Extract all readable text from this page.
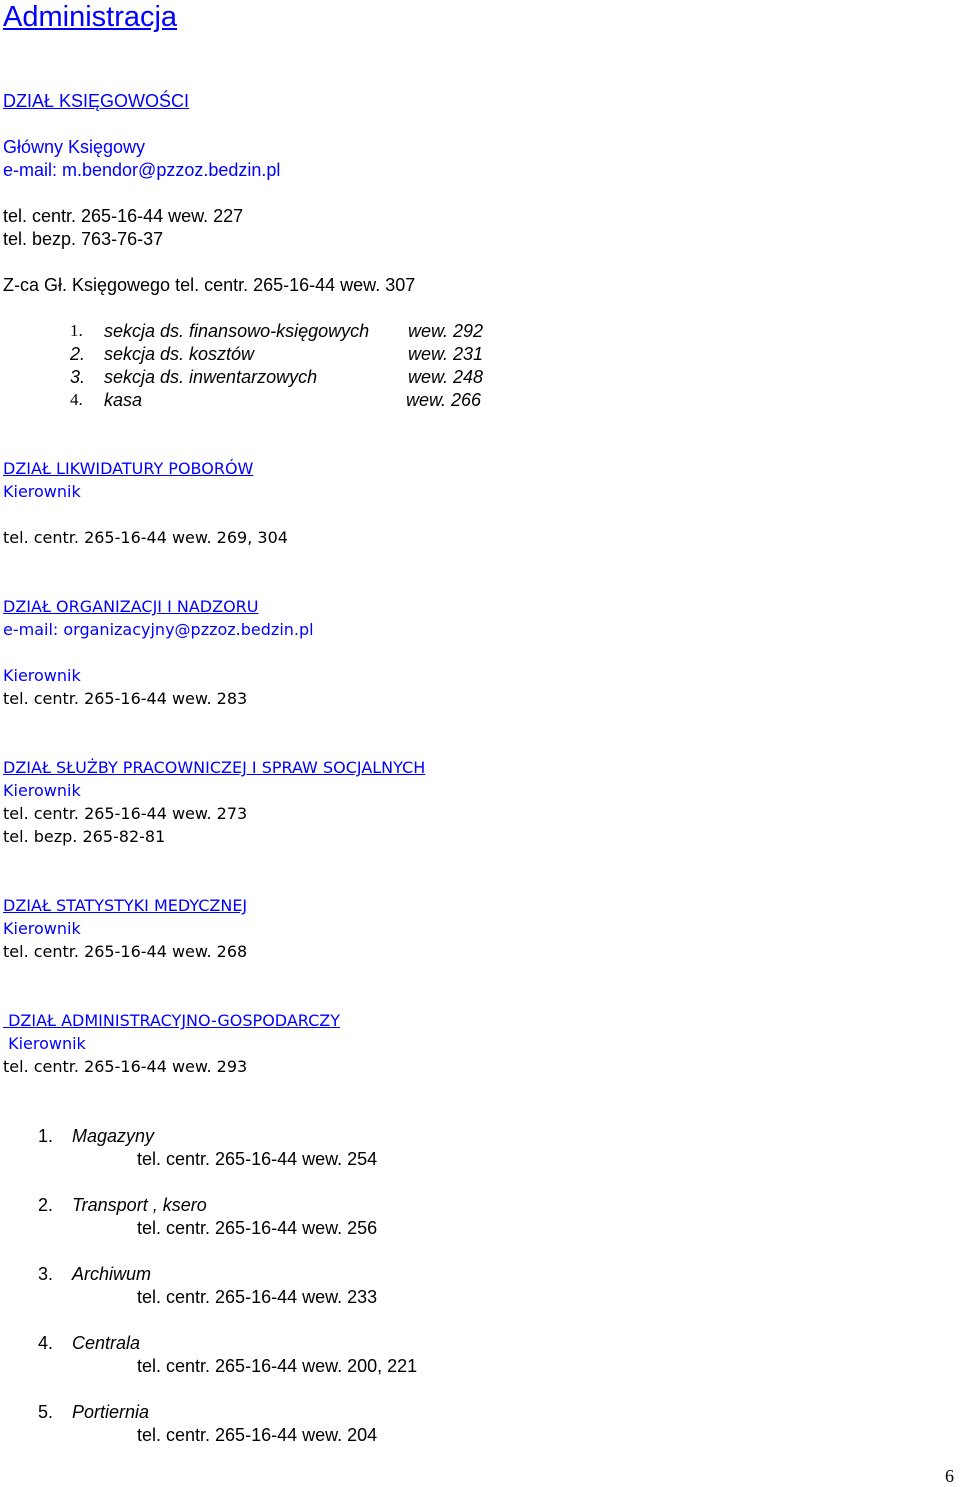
Administracja
DZIAŁ KSIĘGOWOŚCI
Główny Księgowy
e-mail: m.bendor@pzzoz.bedzin.pl
tel. centr. 265-16-44 wew. 227
tel. bezp. 763-76-37
Z-ca Gł. Księgowego tel. centr. 265-16-44 wew. 307
1. sekcja ds. finansowo-księgowych wew. 292
2. sekcja ds. kosztów	wew. 231
3. sekcja ds. inwentarzowych	wew. 248
4. kasa	wew. 266
DZIAŁ LIKWIDATURY POBORÓW
Kierownik
tel. centr. 265-16-44 wew. 269, 304
DZIAŁ ORGANIZACJI I NADZORU
e-mail: organizacyjny@pzzoz.bedzin.pl
Kierownik
tel. centr. 265-16-44 wew. 283
DZIAŁ SŁUŻBY PRACOWNICZEJ I SPRAW SOCJALNYCH
Kierownik
tel. centr. 265-16-44 wew. 273
tel. bezp. 265-82-81
DZIAŁ STATYSTYKI MEDYCZNEJ
Kierownik
tel. centr. 265-16-44 wew. 268
DZIAŁ ADMINISTRACYJNO-GOSPODARCZY
Kierownik
tel. centr. 265-16-44 wew. 293
1. Magazyny
tel. centr. 265-16-44 wew. 254
2. Transport , ksero
tel. centr. 265-16-44 wew. 256
3. Archiwum
tel. centr. 265-16-44 wew. 233
4. Centrala
tel. centr. 265-16-44 wew. 200, 221
5. Portiernia
tel. centr. 265-16-44 wew. 204
6
